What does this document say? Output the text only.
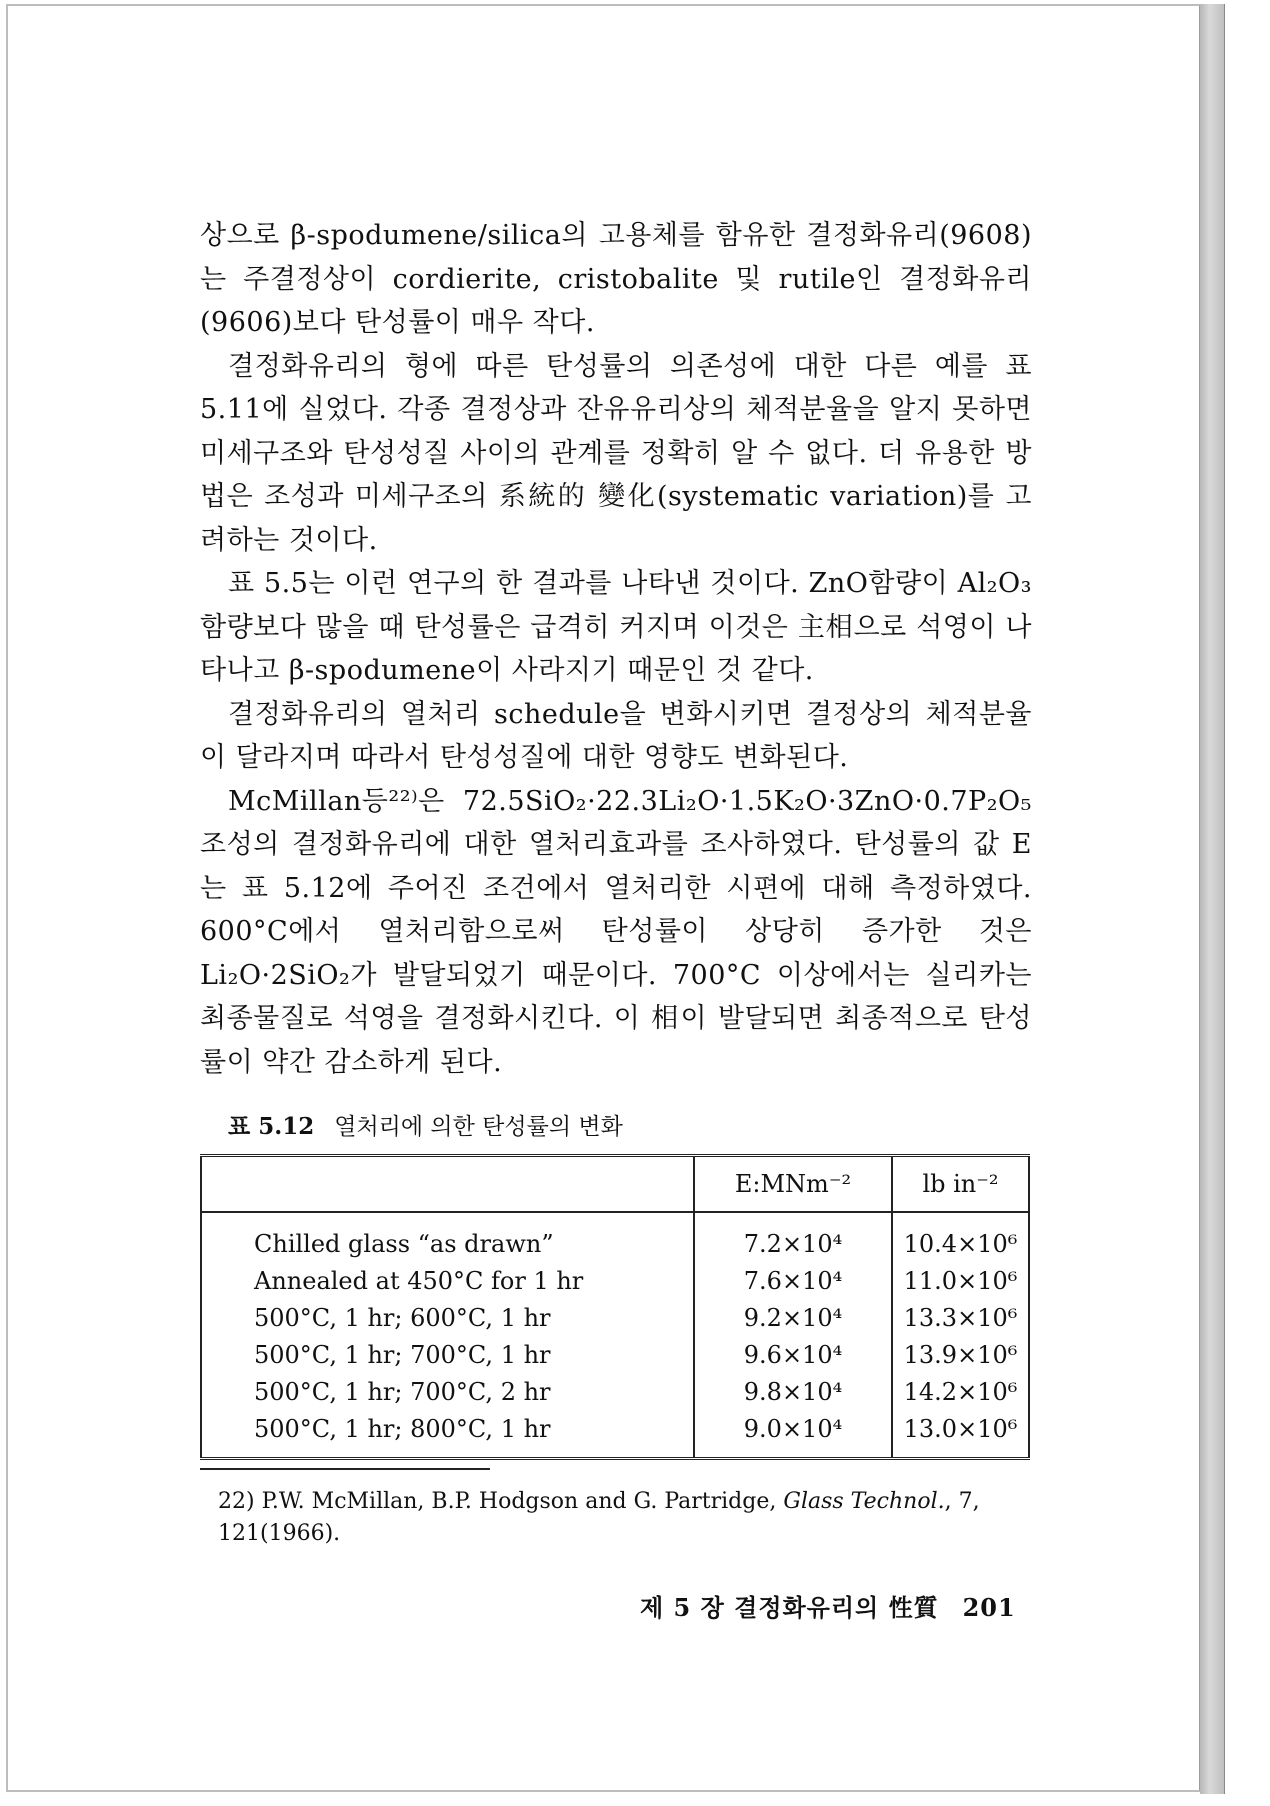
상으로 β-spodumene/silica의 고용체를 함유한 결정화유리(9608)는 주결정상이 cordierite, cristobalite 및 rutile인 결정화유리(9606)보다 탄성률이 매우 작다.

결정화유리의 형에 따른 탄성률의 의존성에 대한 다른 예를 표 5.11에 실었다. 각종 결정상과 잔유유리상의 체적분율을 알지 못하면 미세구조와 탄성성질 사이의 관계를 정확히 알 수 없다. 더 유용한 방법은 조성과 미세구조의 系統的 變化(systematic variation)를 고려하는 것이다.

표 5.5는 이런 연구의 한 결과를 나타낸 것이다. ZnO함량이 Al₂O₃함량보다 많을 때 탄성률은 급격히 커지며 이것은 主相으로 석영이 나타나고 β-spodumene이 사라지기 때문인 것 같다.

결정화유리의 열처리 schedule을 변화시키면 결정상의 체적분율이 달라지며 따라서 탄성성질에 대한 영향도 변화된다.

McMillan등²²⁾은 72.5SiO₂·22.3Li₂O·1.5K₂O·3ZnO·0.7P₂O₅ 조성의 결정화유리에 대한 열처리효과를 조사하였다. 탄성률의 값 E는 표 5.12에 주어진 조건에서 열처리한 시편에 대해 측정하였다. 600°C에서 열처리함으로써 탄성률이 상당히 증가한 것은 Li₂O·2SiO₂가 발달되었기 때문이다. 700°C 이상에서는 실리카는 최종물질로 석영을 결정화시킨다. 이 相이 발달되면 최종적으로 탄성률이 약간 감소하게 된다.

표 5.12 열처리에 의한 탄성률의 변화
	E:MNm⁻²	lb in⁻²
Chilled glass “as drawn”	7.2×10⁴	10.4×10⁶
Annealed at 450°C for 1 hr	7.6×10⁴	11.0×10⁶
500°C, 1 hr; 600°C, 1 hr	9.2×10⁴	13.3×10⁶
500°C, 1 hr; 700°C, 1 hr	9.6×10⁴	13.9×10⁶
500°C, 1 hr; 700°C, 2 hr	9.8×10⁴	14.2×10⁶
500°C, 1 hr; 800°C, 1 hr	9.0×10⁴	13.0×10⁶
22) P.W. McMillan, B.P. Hodgson and G. Partridge, Glass Technol., 7, 121(1966).
제 5 장 결정화유리의 性質 201
